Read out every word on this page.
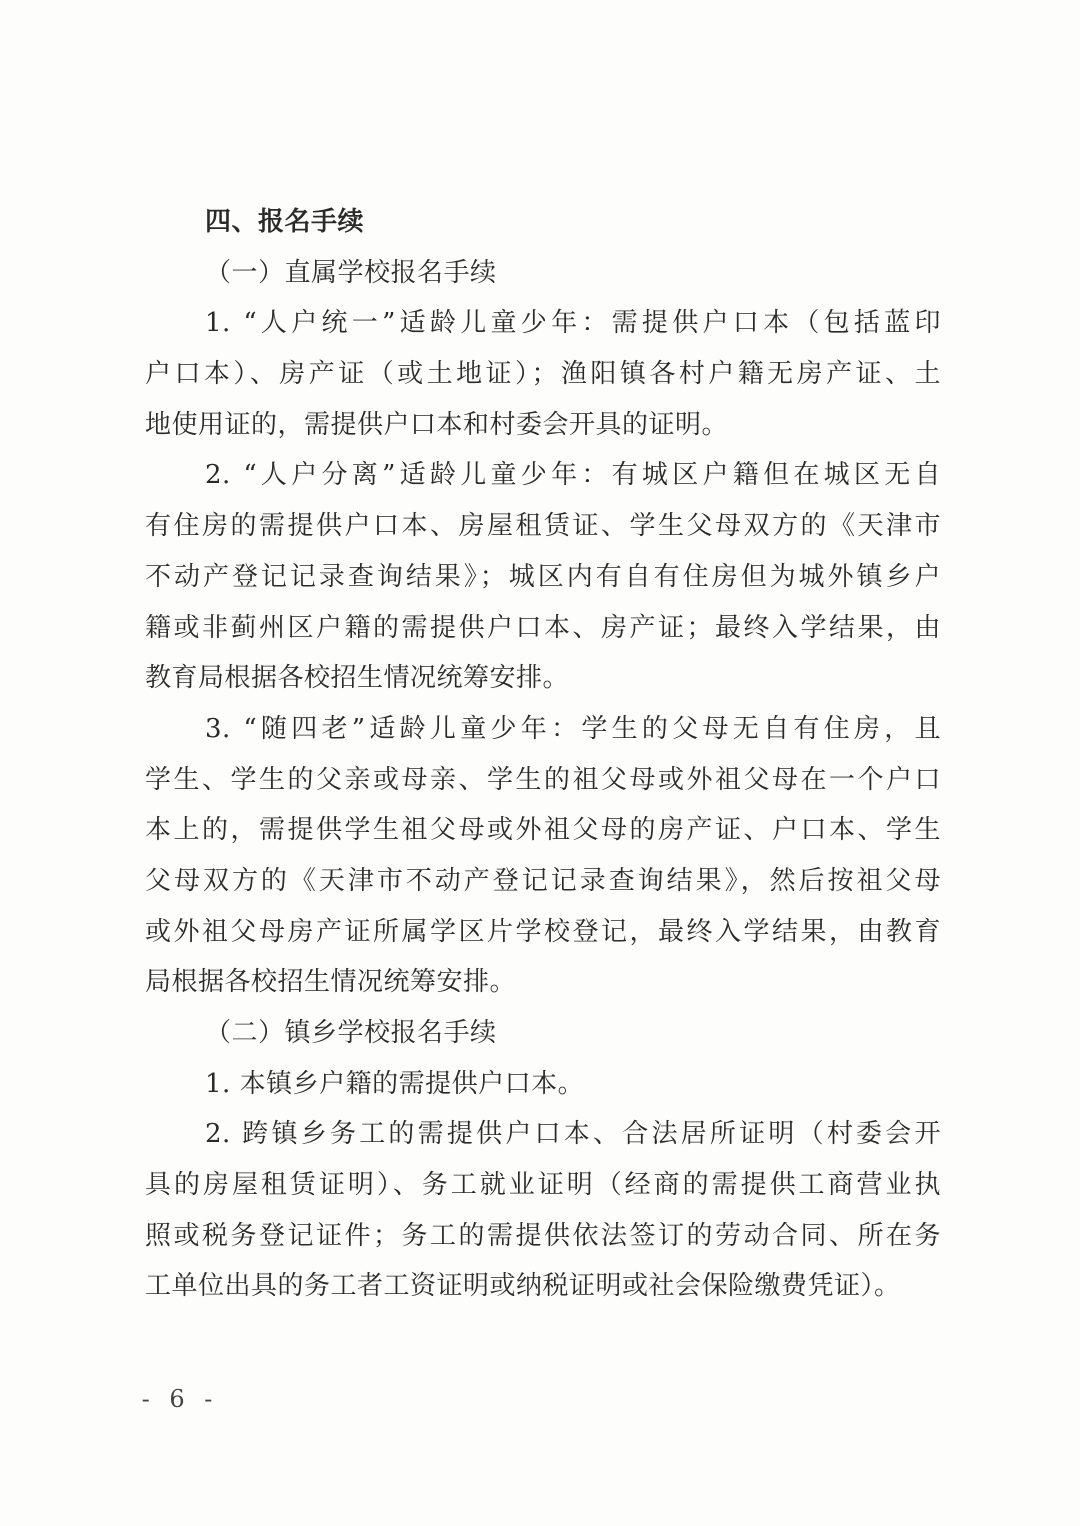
四、报名手续
（一）直属学校报名手续
1. “人户统一”适龄儿童少年：需提供户口本（包括蓝印
户口本）、房产证（或土地证）；渔阳镇各村户籍无房产证、土
地使用证的，需提供户口本和村委会开具的证明。
2. “人户分离”适龄儿童少年：有城区户籍但在城区无自
有住房的需提供户口本、房屋租赁证、学生父母双方的《天津市
不动产登记记录查询结果》；城区内有自有住房但为城外镇乡户
籍或非蓟州区户籍的需提供户口本、房产证；最终入学结果，由
教育局根据各校招生情况统筹安排。
3. “随四老”适龄儿童少年：学生的父母无自有住房，且
学生、学生的父亲或母亲、学生的祖父母或外祖父母在一个户口
本上的，需提供学生祖父母或外祖父母的房产证、户口本、学生
父母双方的《天津市不动产登记记录查询结果》，然后按祖父母
或外祖父母房产证所属学区片学校登记，最终入学结果，由教育
局根据各校招生情况统筹安排。
（二）镇乡学校报名手续
1. 本镇乡户籍的需提供户口本。
2. 跨镇乡务工的需提供户口本、合法居所证明（村委会开
具的房屋租赁证明）、务工就业证明（经商的需提供工商营业执
照或税务登记证件；务工的需提供依法签订的劳动合同、所在务
工单位出具的务工者工资证明或纳税证明或社会保险缴费凭证）。
- 6 -
